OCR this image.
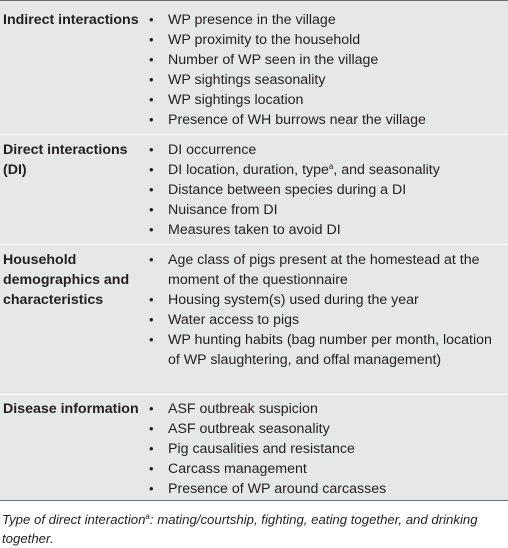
Indirect interactions • WP presence in the village
• WP proximity to the household
• Number of WP seen in the village
• WP sightings seasonality
• WP sightings location
• Presence of WH burrows near the village
Direct interactions (DI)
• DI occurrence
• DI location, duration, type$^a$, and seasonality
• Distance between species during a DI
• Nuisance from DI
• Measures taken to avoid DI
Household demographics and characteristics
• Age class of pigs present at the homestead at the moment of the questionnaire
• Housing system(s) used during the year
• Water access to pigs
• WP hunting habits (bag number per month, location of WP slaughtering, and offal management)
Disease information • ASF outbreak suspicion
• ASF outbreak seasonality
• Pig causalities and resistance
• Carcass management
• Presence of WP around carcasses
Type of direct interaction$^a$: mating/courtship, fighting, eating together, and drinking together.
